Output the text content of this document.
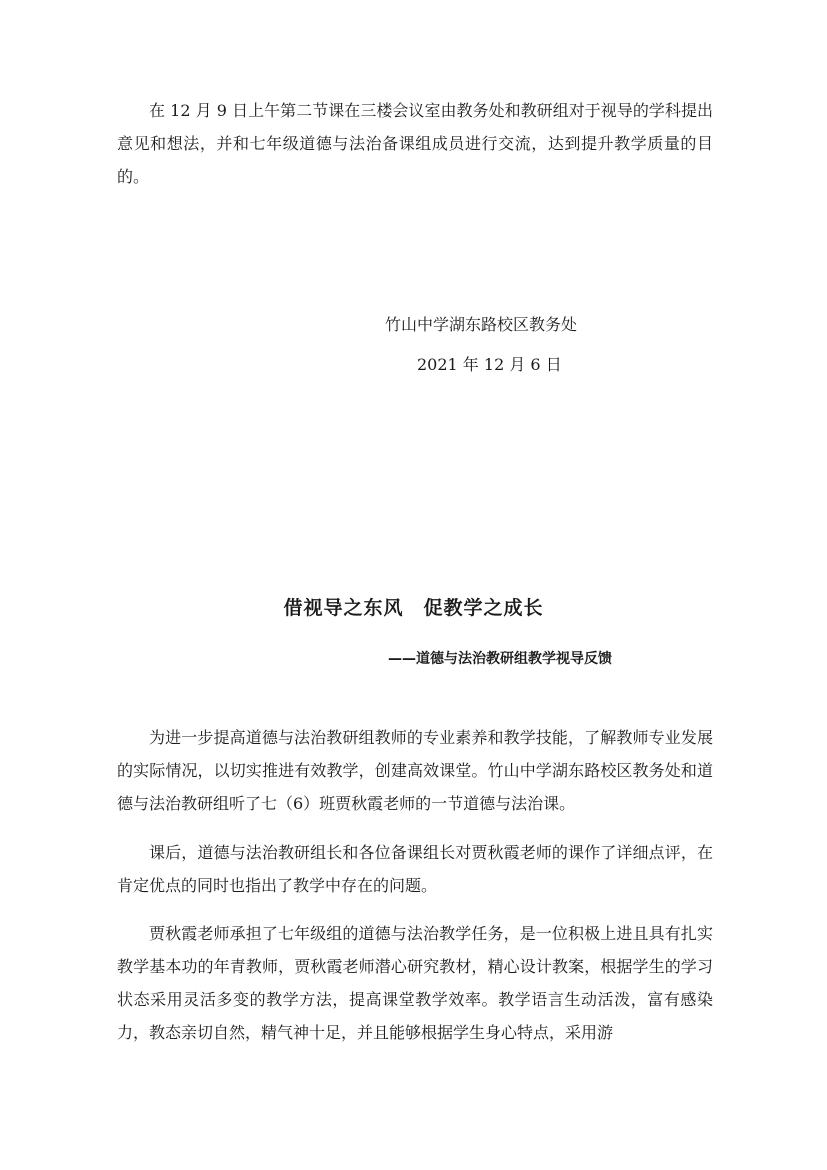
在 12 月 9 日上午第二节课在三楼会议室由教务处和教研组对于视导的学科提出意见和想法，并和七年级道德与法治备课组成员进行交流，达到提升教学质量的目的。

竹山中学湖东路校区教务处

2021 年 12 月 6 日

借视导之东风　促教学之成长

——道德与法治教研组教学视导反馈

为进一步提高道德与法治教研组教师的专业素养和教学技能，了解教师专业发展的实际情况，以切实推进有效教学，创建高效课堂。竹山中学湖东路校区教务处和道德与法治教研组听了七（6）班贾秋霞老师的一节道德与法治课。

课后，道德与法治教研组长和各位备课组长对贾秋霞老师的课作了详细点评，在肯定优点的同时也指出了教学中存在的问题。

贾秋霞老师承担了七年级组的道德与法治教学任务，是一位积极上进且具有扎实教学基本功的年青教师，贾秋霞老师潜心研究教材，精心设计教案，根据学生的学习状态采用灵活多变的教学方法，提高课堂教学效率。教学语言生动活泼，富有感染力，教态亲切自然，精气神十足，并且能够根据学生身心特点，采用游
